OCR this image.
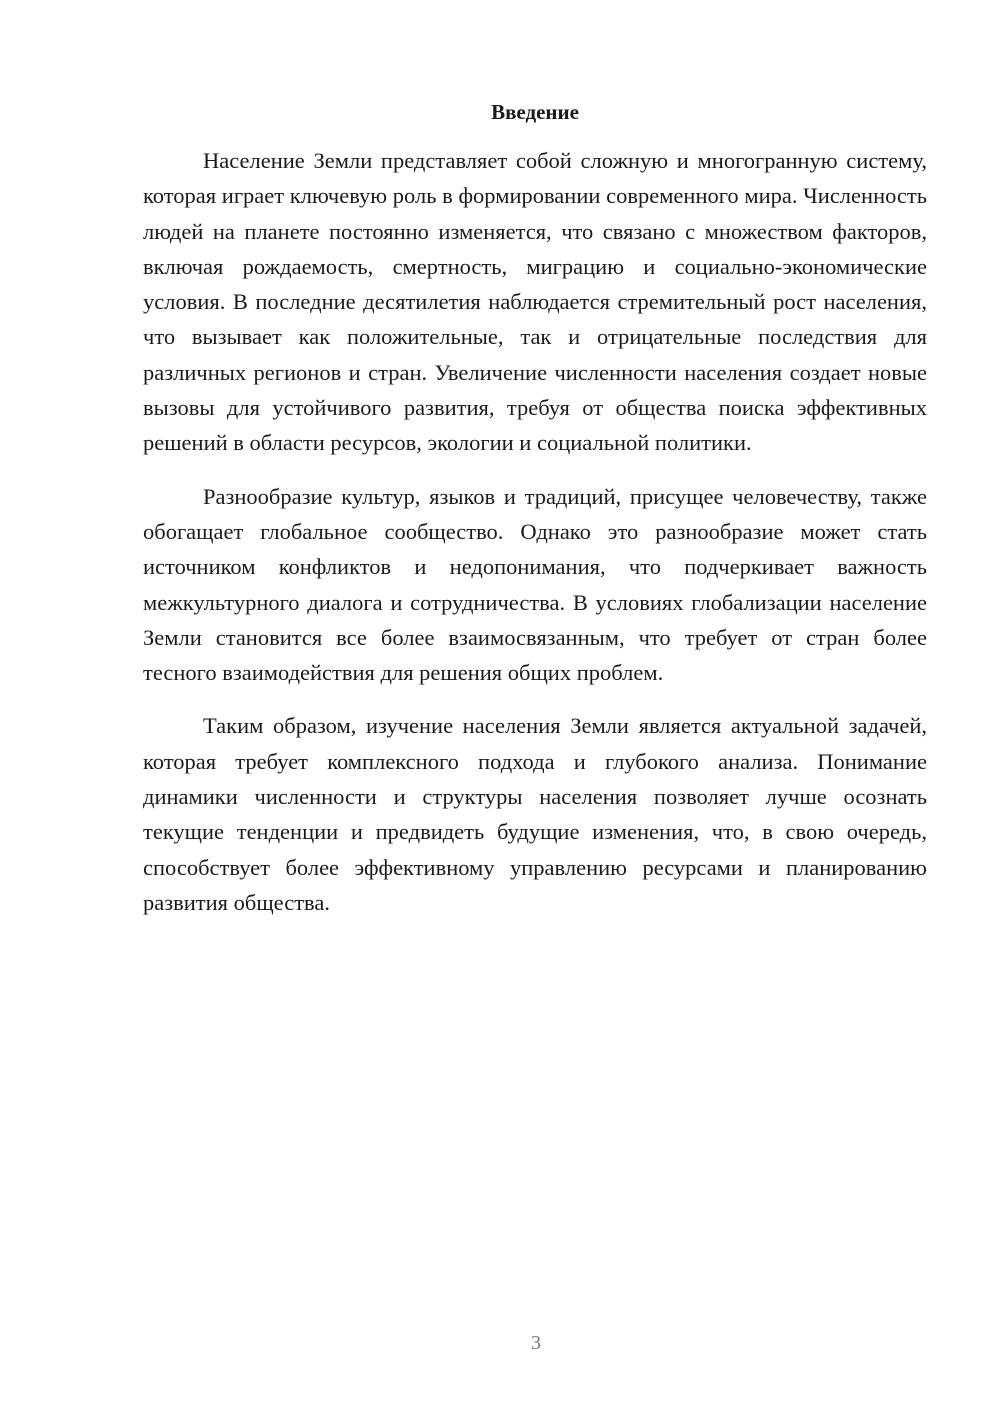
Введение

Население Земли представляет собой сложную и многогранную систему, которая играет ключевую роль в формировании современного мира. Численность людей на планете постоянно изменяется, что связано с множеством факторов, включая рождаемость, смертность, миграцию и социально-экономические условия. В последние десятилетия наблюдается стремительный рост населения, что вызывает как положительные, так и отрицательные последствия для различных регионов и стран. Увеличение численности населения создает новые вызовы для устойчивого развития, требуя от общества поиска эффективных решений в области ресурсов, экологии и социальной политики.

Разнообразие культур, языков и традиций, присущее человечеству, также обогащает глобальное сообщество. Однако это разнообразие может стать источником конфликтов и недопонимания, что подчеркивает важность межкультурного диалога и сотрудничества. В условиях глобализации население Земли становится все более взаимосвязанным, что требует от стран более тесного взаимодействия для решения общих проблем.

Таким образом, изучение населения Земли является актуальной задачей, которая требует комплексного подхода и глубокого анализа. Понимание динамики численности и структуры населения позволяет лучше осознать текущие тенденции и предвидеть будущие изменения, что, в свою очередь, способствует более эффективному управлению ресурсами и планированию развития общества.

3
